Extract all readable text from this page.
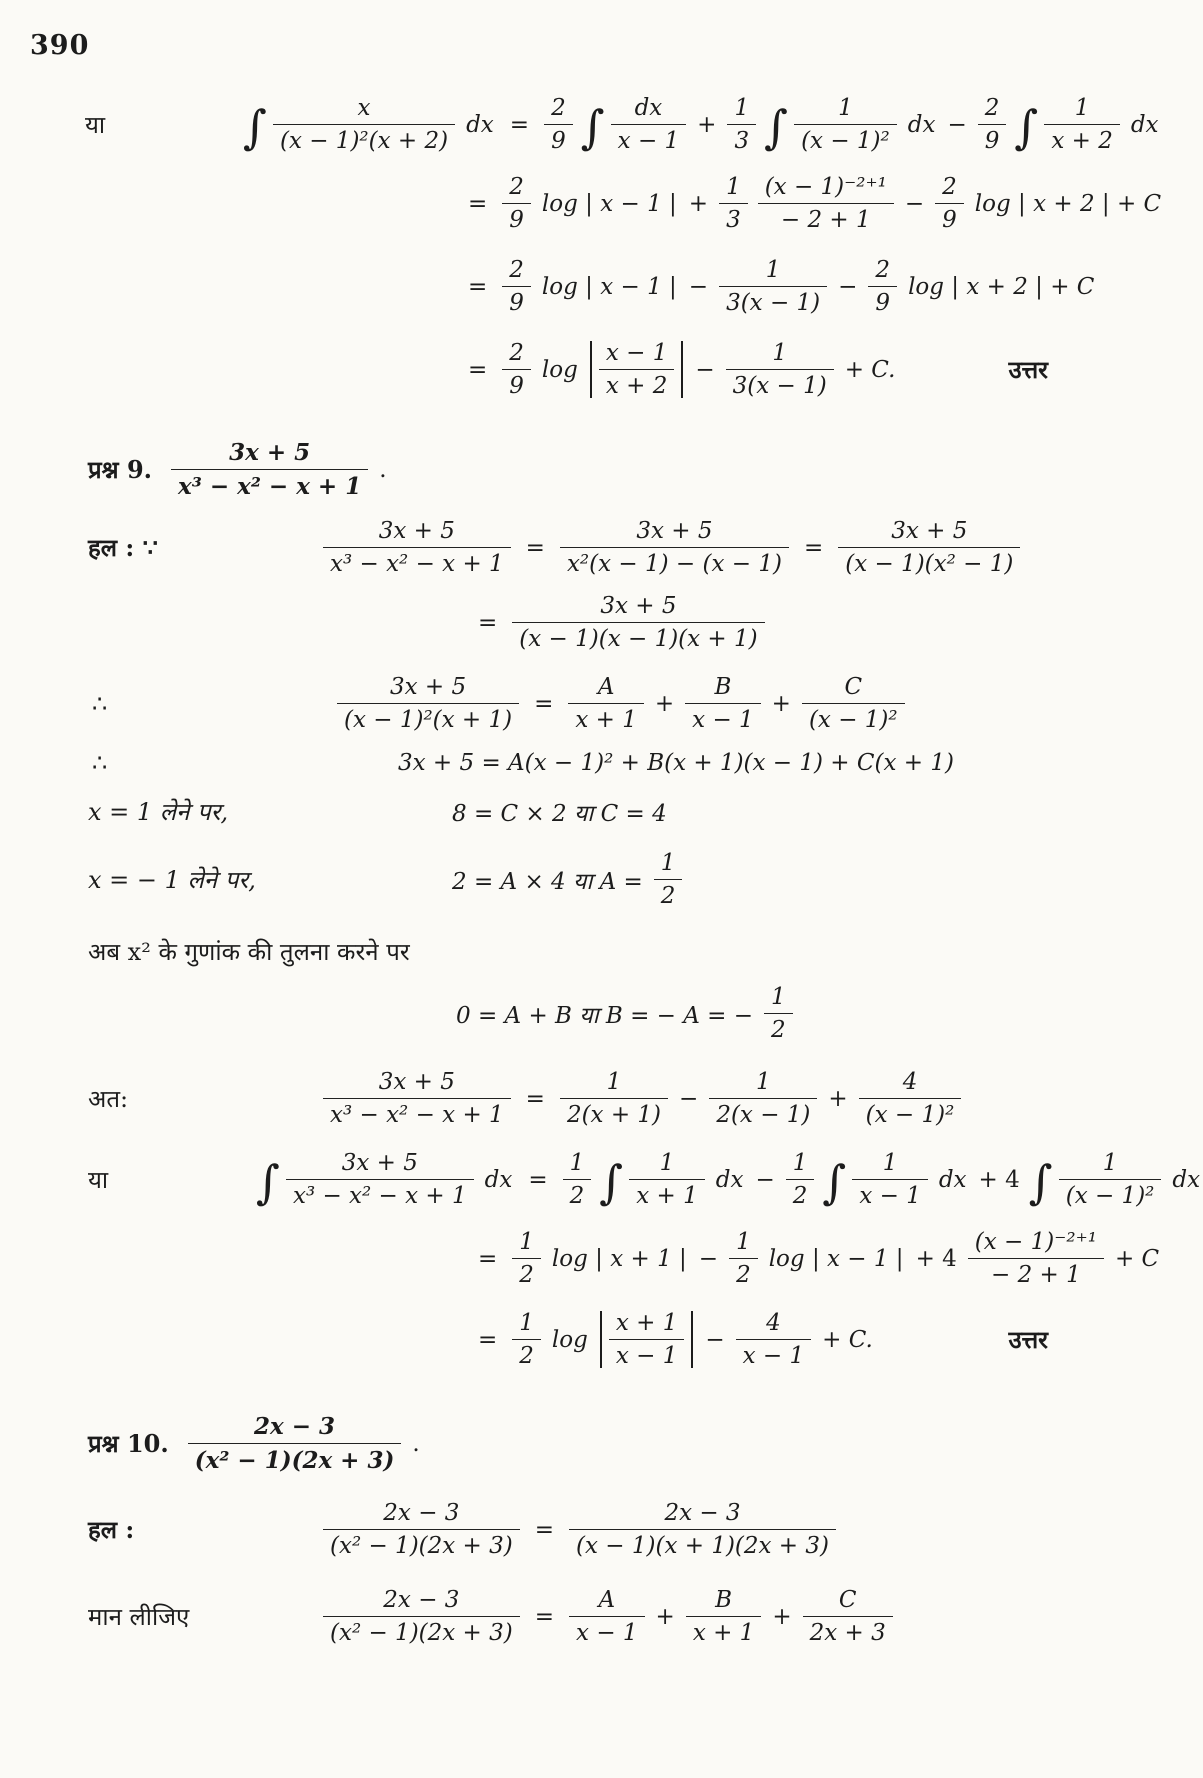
390
या	∫ $\frac{x}{\text{(x − 1)²(x + 2)}}$ dx = $\frac{2}{9}$ ∫ $\frac{dx}{x - 1} + \frac{1}{3}$ ∫ $\frac{1}{\text{(x − 1)²}}$ dx − $\frac{2}{9}$ ∫ $\frac{1}{x + 2}$ dx
= $\frac{2}{9}$ log | x − 1 | + $\frac{1}{3} \frac{\text{(x − 1)⁻²⁺¹}}{- 2 + 1} - \frac{2}{9}$ log | x + 2 | + C
= $\frac{2}{9}$ log | x − 1 | − $\frac{1}{3(x - 1)} - \frac{2}{9}$ log | x + 2 | + C
= $\frac{2}{9}$ $\log \frac{x - 1}{x + 2} - \frac{1}{3(x - 1)} + C$.	उत्तर
प्रश्न 9. $\frac{3x + 5}{\text{x³ − x² − x + 1}}$ .
हल : ∵	$\frac{3x + 5}{\text{x³ − x² − x + 1}} = \frac{3x + 5}{\text{x²(x − 1) − (x − 1)}} = \frac{3x + 5}{\text{(x − 1)(x² − 1)}}$
= $\frac{3x + 5}{(x - 1)(x - 1)(x + 1)}$
∴	$\frac{3x + 5}{\text{(x − 1)²(x + 1)}} = \frac{A}{x + 1} + \frac{B}{x - 1} + \frac{C}{\text{(x − 1)²}}$
∴	3x + 5 = A(x − 1)² + B(x + 1)(x − 1) + C(x + 1)
x = 1 लेने पर,	8 = C × 2 या C = 4
x = − 1 लेने पर,	2 = A × 4 या $A = \frac{1}{2}$
अब x² के गुणांक की तुलना करने पर
0 = A + B या B = − A = − $\frac{1}{2}$
अत:	$\frac{3x + 5}{\text{x³ − x² − x + 1}} = \frac{1}{2(x + 1)} - \frac{1}{2(x - 1)} + \frac{4}{\text{(x − 1)²}}$
या	∫ $\frac{3x + 5}{\text{x³ − x² − x + 1}}$ dx = $\frac{1}{2}$ ∫ $\frac{1}{x + 1}$ dx − $\frac{1}{2}$ ∫ $\frac{1}{x - 1}$ dx + 4 ∫ $\frac{1}{\text{(x − 1)²}}$ dx
= $\frac{1}{2}$ log | x + 1 | − $\frac{1}{2}$ log | x − 1 | + $4 \frac{\text{(x − 1)⁻²⁺¹}}{- 2 + 1} + C$
= $\frac{1}{2}$ $\log \frac{x + 1}{x - 1} - \frac{4}{x - 1} + C$.	उत्तर
प्रश्न 10. $\frac{2x - 3}{\text{(x² − 1)(2x + 3)}}$ .
हल :	$\frac{2x - 3}{\text{(x² − 1)(2x + 3)}} = \frac{2x - 3}{(x - 1)(x + 1)(2x + 3)}$
मान लीजिए	$\frac{2x - 3}{\text{(x² − 1)(2x + 3)}} = \frac{A}{x - 1} + \frac{B}{x + 1} + \frac{C}{2x + 3}$
